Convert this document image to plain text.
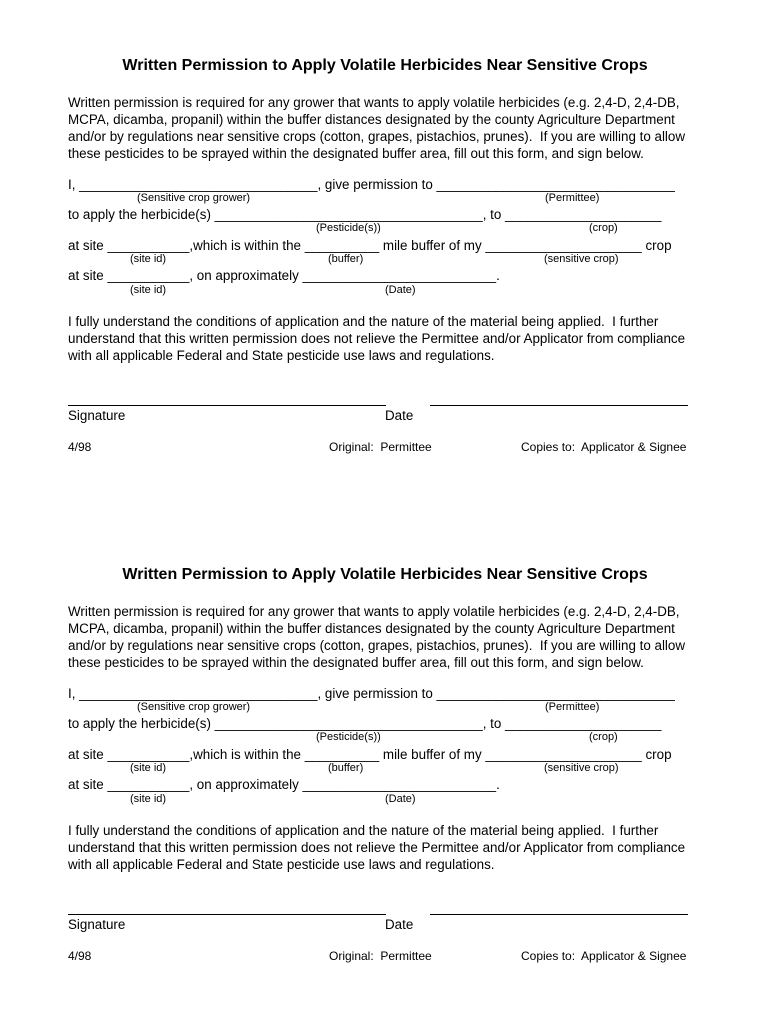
Written Permission to Apply Volatile Herbicides Near Sensitive Crops
Written permission is required for any grower that wants to apply volatile herbicides (e.g. 2,4-D, 2,4-DB,
MCPA, dicamba, propanil) within the buffer distances designated by the county Agriculture Department
and/or by regulations near sensitive crops (cotton, grapes, pistachios, prunes).  If you are willing to allow
these pesticides to be sprayed within the designated buffer area, fill out this form, and sign below.
I, ________________________________, give permission to ________________________________
(Sensitive crop grower)	(Permittee)
to apply the herbicide(s) ____________________________________, to _____________________
(Pesticide(s))	(crop)
at site ___________,which is within the __________ mile buffer of my _____________________ crop
(site id)	(buffer)	(sensitive crop)
at site ___________, on approximately __________________________.
(site id)	(Date)
I fully understand the conditions of application and the nature of the material being applied.  I further
understand that this written permission does not relieve the Permittee and/or Applicator from compliance
with all applicable Federal and State pesticide use laws and regulations.
Signature	Date
4/98	Original:  Permittee	Copies to:  Applicator & Signee
Written Permission to Apply Volatile Herbicides Near Sensitive Crops
Written permission is required for any grower that wants to apply volatile herbicides (e.g. 2,4-D, 2,4-DB,
MCPA, dicamba, propanil) within the buffer distances designated by the county Agriculture Department
and/or by regulations near sensitive crops (cotton, grapes, pistachios, prunes).  If you are willing to allow
these pesticides to be sprayed within the designated buffer area, fill out this form, and sign below.
I, ________________________________, give permission to ________________________________
(Sensitive crop grower)	(Permittee)
to apply the herbicide(s) ____________________________________, to _____________________
(Pesticide(s))	(crop)
at site ___________,which is within the __________ mile buffer of my _____________________ crop
(site id)	(buffer)	(sensitive crop)
at site ___________, on approximately __________________________.
(site id)	(Date)
I fully understand the conditions of application and the nature of the material being applied.  I further
understand that this written permission does not relieve the Permittee and/or Applicator from compliance
with all applicable Federal and State pesticide use laws and regulations.
Signature	Date
4/98	Original:  Permittee	Copies to:  Applicator & Signee
